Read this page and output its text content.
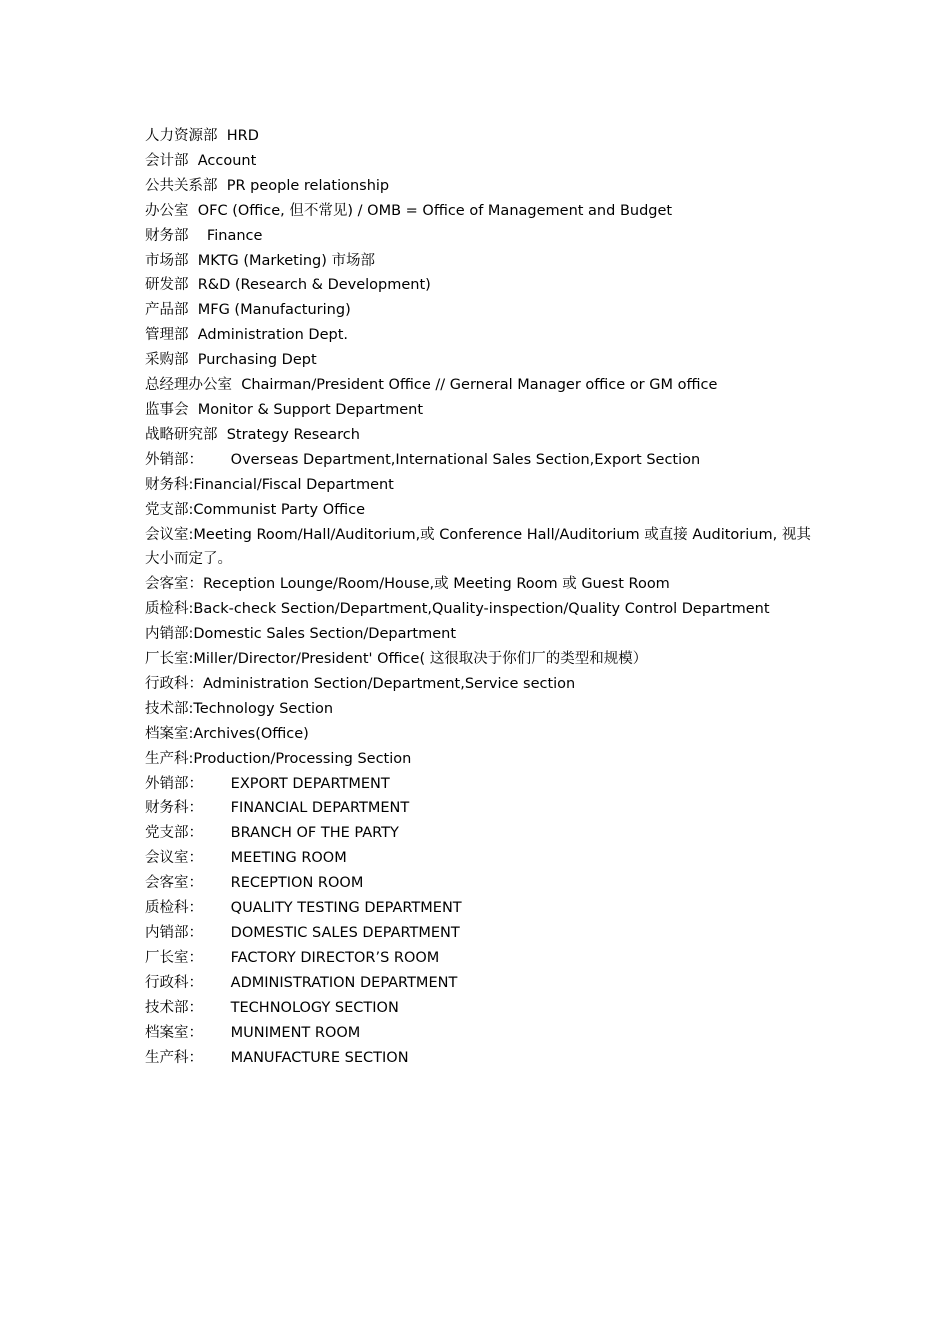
人力资源部  HRD
会计部  Account
公共关系部  PR people relationship
办公室  OFC (Office, 但不常见) / OMB = Office of Management and Budget
财务部    Finance
市场部  MKTG (Marketing) 市场部
研发部  R&D (Research & Development)
产品部  MFG (Manufacturing)
管理部  Administration Dept.
采购部  Purchasing Dept
总经理办公室  Chairman/President Office // Gerneral Manager office or GM office
监事会  Monitor & Support Department
战略研究部  Strategy Research
外销部：      Overseas Department,International Sales Section,Export Section
财务科:Financial/Fiscal Department
党支部:Communist Party Office
会议室:Meeting Room/Hall/Auditorium,或 Conference Hall/Auditorium 或直接 Auditorium, 视其大小而定了。
会客室：Reception Lounge/Room/House,或 Meeting Room 或 Guest Room
质检科:Back-check Section/Department,Quality-inspection/Quality Control Department
内销部:Domestic Sales Section/Department
厂长室:Miller/Director/President' Office( 这很取决于你们厂的类型和规模）
行政科：Administration Section/Department,Service section
技术部:Technology Section
档案室:Archives(Office)
生产科:Production/Processing Section
外销部：      EXPORT DEPARTMENT
财务科：      FINANCIAL DEPARTMENT
党支部：      BRANCH OF THE PARTY
会议室：      MEETING ROOM
会客室：      RECEPTION ROOM
质检科：      QUALITY TESTING DEPARTMENT
内销部：      DOMESTIC SALES DEPARTMENT
厂长室：      FACTORY DIRECTOR’S ROOM
行政科：      ADMINISTRATION DEPARTMENT
技术部：      TECHNOLOGY SECTION
档案室：      MUNIMENT ROOM
生产科：      MANUFACTURE SECTION
